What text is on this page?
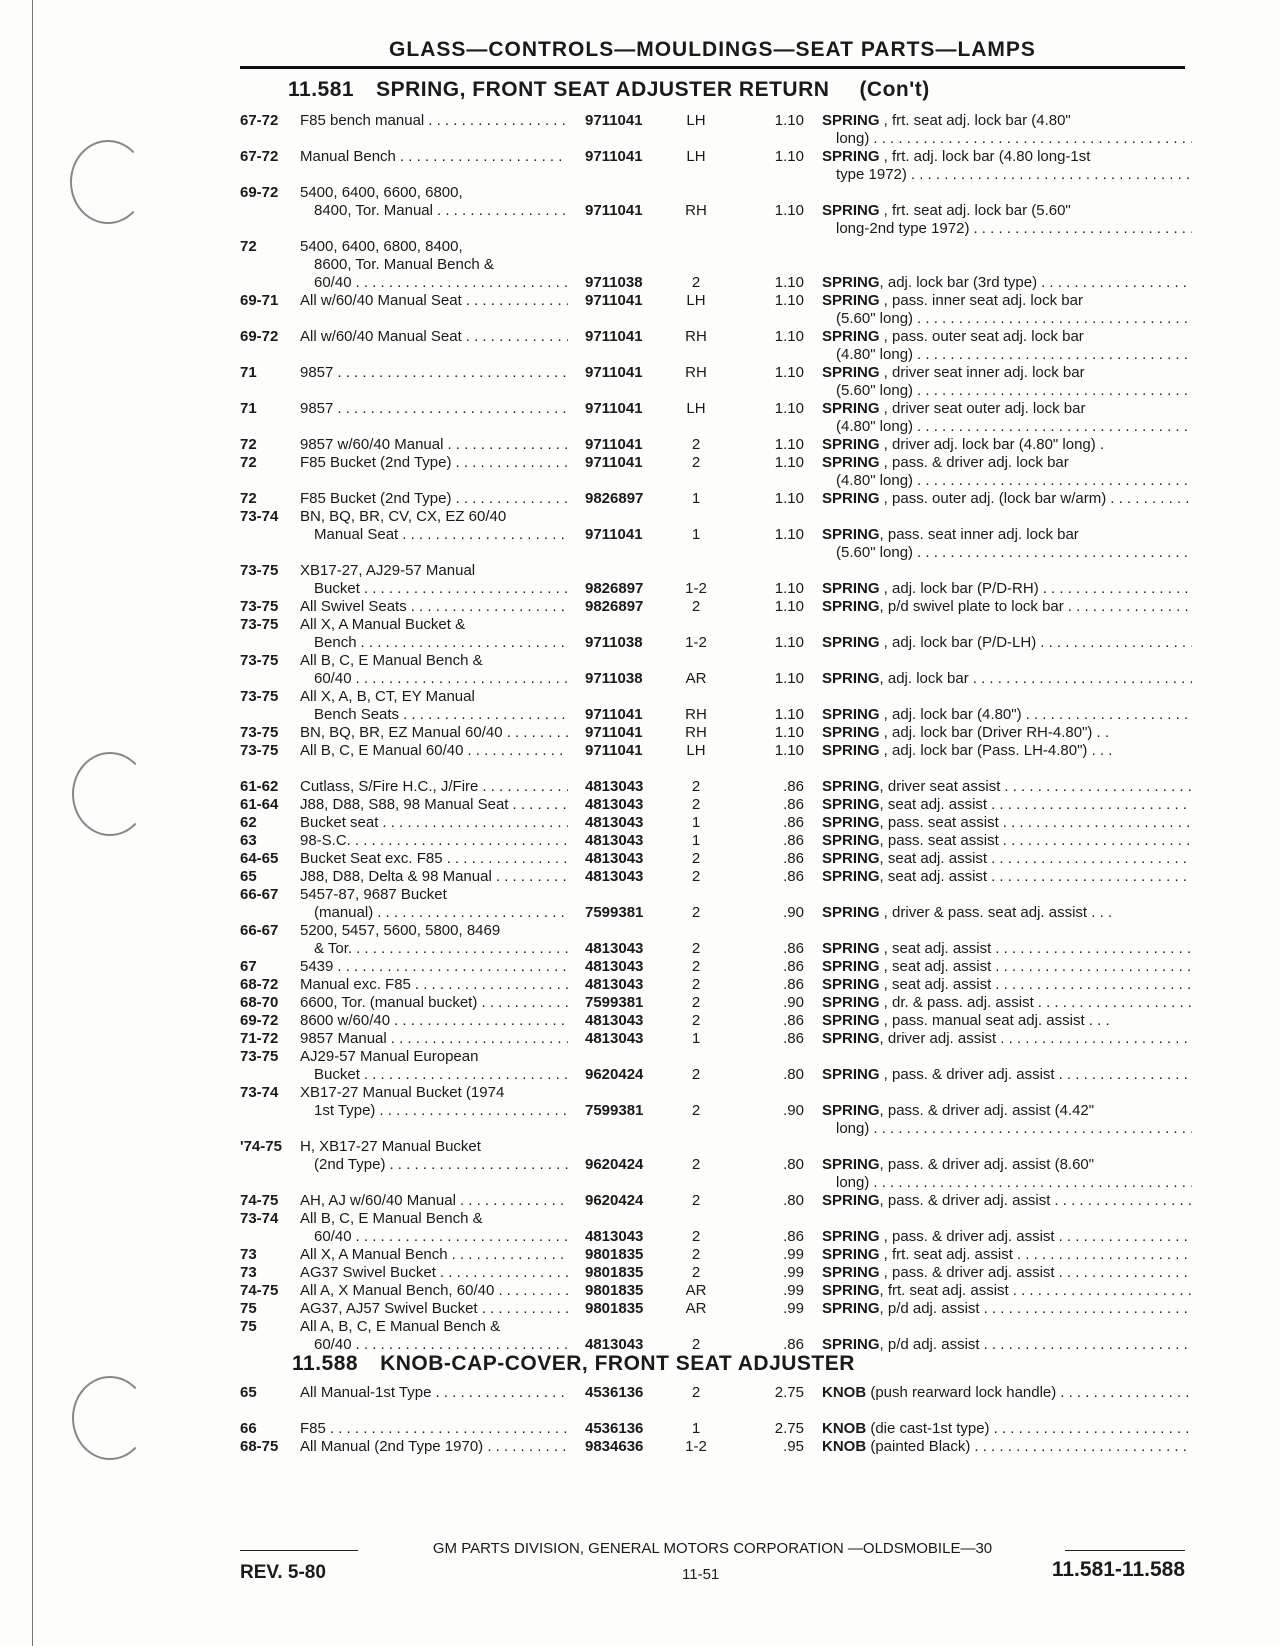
GLASS—CONTROLS—MOULDINGS—SEAT PARTS—LAMPS
11.581 SPRING, FRONT SEAT ADJUSTER RETURN (Con't)
67-72	F85 bench manual . . .	9711041	LH	1.10 SPRING , frt. seat adj. lock bar (4.80"
long)
. . .
67-72	Manual Bench . . .	9711041	LH	1.10 SPRING , frt. adj. lock bar (4.80 long-1st
type 1972)
. . .
69-72	5400, 6400, 6600, 6800,
8400, Tor. Manual . . .	9711041	RH	1.10 SPRING , frt. seat adj. lock bar (5.60"
long-2nd type 1972)
. . .
72	5400, 6400, 6800, 8400,
8600, Tor. Manual Bench &
60/40 . . .	9711038	2	1.10 SPRING, adj. lock bar (3rd type)
. . .
69-71	All w/60/40 Manual Seat . . .	9711041	LH	1.10 SPRING , pass. inner seat adj. lock bar
(5.60" long)
. . .
69-72	All w/60/40 Manual Seat . . .	9711041	RH	1.10 SPRING , pass. outer seat adj. lock bar
(4.80" long)
. . .
71	9857 . . .	9711041	RH	1.10 SPRING , driver seat inner adj. lock bar
(5.60" long)
. . .
71	9857 . . .	9711041	LH	1.10 SPRING , driver seat outer adj. lock bar
(4.80" long)
. . .
72	9857 w/60/40 Manual . . .	9711041	2	1.10 SPRING , driver adj. lock bar (4.80" long) .
72	F85 Bucket (2nd Type) . . .	9711041	2	1.10 SPRING , pass. & driver adj. lock bar
(4.80" long)
. . .
72	F85 Bucket (2nd Type) . . .	9826897	1	1.10 SPRING , pass. outer adj. (lock bar w/arm)
. . .
73-74	BN, BQ, BR, CV, CX, EZ 60/40
Manual Seat . . .	9711041	1	1.10 SPRING, pass. seat inner adj. lock bar
(5.60" long)
. . .
73-75	XB17-27, AJ29-57 Manual
Bucket . . .	9826897	1-2	1.10 SPRING , adj. lock bar (P/D-RH)
. . .
73-75	All Swivel Seats . . .	9826897	2	1.10 SPRING, p/d swivel plate to lock bar
. . .
73-75	All X, A Manual Bucket &
Bench . . .	9711038	1-2	1.10 SPRING , adj. lock bar (P/D-LH)
. . .
73-75	All B, C, E Manual Bench &
60/40 . . .	9711038	AR	1.10 SPRING, adj. lock bar
. . .
73-75	All X, A, B, CT, EY Manual
Bench Seats . . .	9711041	RH	1.10 SPRING , adj. lock bar (4.80")
. . .
73-75	BN, BQ, BR, EZ Manual 60/40 . . . .	9711041	RH	1.10 SPRING , adj. lock bar (Driver RH-4.80") . .
73-75	All B, C, E Manual 60/40 . . .	9711041	LH	1.10 SPRING , adj. lock bar (Pass. LH-4.80") . . .
61-62	Cutlass, S/Fire H.C., J/Fire . . .	4813043	2	.86 SPRING, driver seat assist
. . .
61-64	J88, D88, S88, 98 Manual Seat . . .	4813043	2	.86 SPRING, seat adj. assist
. . .
62	Bucket seat . . .	4813043	1	.86 SPRING, pass. seat assist
. . .
63	98-S.C. . . .	4813043	1	.86 SPRING, pass. seat assist
. . .
64-65	Bucket Seat exc. F85 . . .	4813043	2	.86 SPRING, seat adj. assist
. . .
65	J88, D88, Delta & 98 Manual . . . . .	4813043	2	.86 SPRING, seat adj. assist
. . .
66-67	5457-87, 9687 Bucket
(manual) . . .	7599381	2	.90 SPRING , driver & pass. seat adj. assist . . .
66-67	5200, 5457, 5600, 5800, 8469
& Tor. . . .	4813043	2	.86 SPRING , seat adj. assist
. . .
67	5439 . . .	4813043	2	.86 SPRING , seat adj. assist
. . .
68-72	Manual exc. F85 . . .	4813043	2	.86 SPRING , seat adj. assist
. . .
68-70	6600, Tor. (manual bucket) . . . . . . .	7599381	2	.90 SPRING , dr. & pass. adj. assist
. . .
69-72	8600 w/60/40 . . .	4813043	2	.86 SPRING , pass. manual seat adj. assist . . .
71-72	9857 Manual . . .	4813043	1	.86 SPRING, driver adj. assist
. . .
73-75	AJ29-57 Manual European
Bucket . . .	9620424	2	.80 SPRING , pass. & driver adj. assist
. . .
73-74	XB17-27 Manual Bucket (1974
1st Type) . . .	7599381	2	.90 SPRING, pass. & driver adj. assist (4.42"
long)
. . .
'74-75	H, XB17-27 Manual Bucket
(2nd Type) . . .	9620424	2	.80 SPRING, pass. & driver adj. assist (8.60"
long)
. . .
74-75	AH, AJ w/60/40 Manual . . .	9620424	2	.80 SPRING, pass. & driver adj. assist
. . .
73-74	All B, C, E Manual Bench &
60/40 . . .	4813043	2	.86 SPRING , pass. & driver adj. assist
. . .
73	All X, A Manual Bench . . .	9801835	2	.99 SPRING , frt. seat adj. assist
. . .
73	AG37 Swivel Bucket . . .	9801835	2	.99 SPRING , pass. & driver adj. assist
. . .
74-75	All A, X Manual Bench, 60/40 . . . .	9801835	AR	.99 SPRING, frt. seat adj. assist
. . .
75	AG37, AJ57 Swivel Bucket . . . . . .	9801835	AR	.99 SPRING, p/d adj. assist
. . .
75	All A, B, C, E Manual Bench &
60/40 . . .	4813043	2	.86 SPRING, p/d adj. assist
. . .
11.588 KNOB-CAP-COVER, FRONT SEAT ADJUSTER
65	All Manual-1st Type . . .	4536136	2	2.75 KNOB (push rearward lock handle)
. . .
66	F85 . . .	4536136	1	2.75 KNOB (die cast-1st type)
. . .
68-75	All Manual (2nd Type 1970) . . . . . .	9834636	1-2	.95 KNOB (painted Black)
. . .
GM PARTS DIVISION, GENERAL MOTORS CORPORATION —OLDSMOBILE—30
REV. 5-80	11-51	11.581-11.588
